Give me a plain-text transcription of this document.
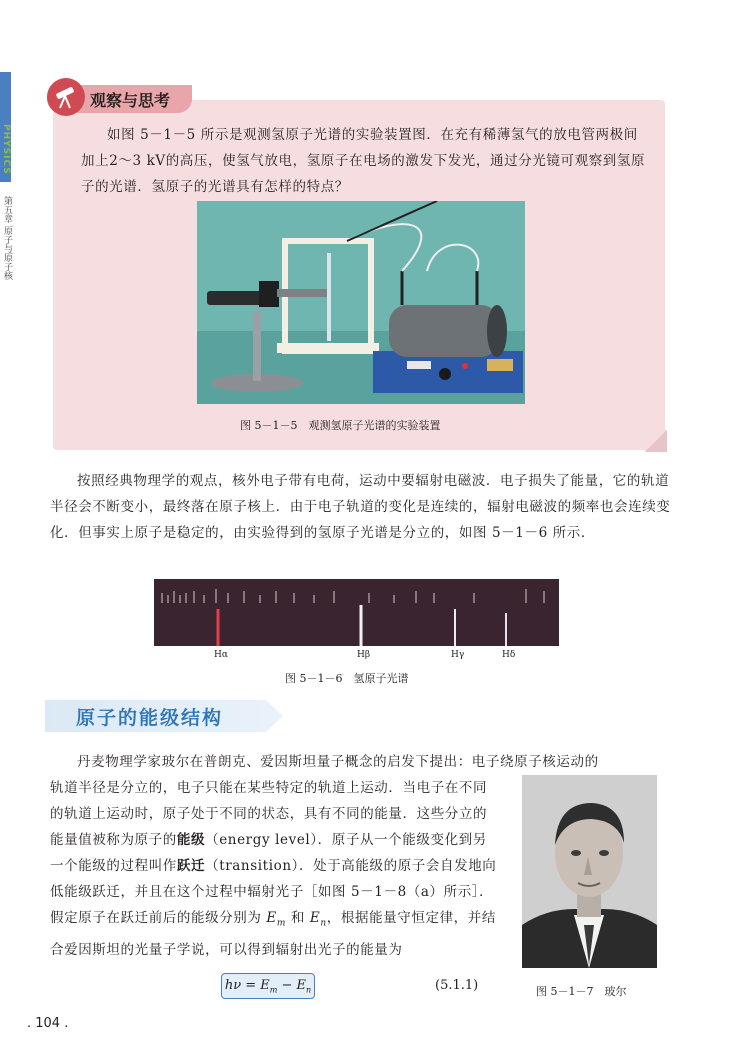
PHYSICS
第五章 原子与原子核
观察与思考

如图 5－1－5 所示是观测氢原子光谱的实验装置图．在充有稀薄氢气的放电管两极间加上2～3 kV的高压，使氢气放电，氢原子在电场的激发下发光，通过分光镜可观察到氢原子的光谱．氢原子的光谱具有怎样的特点？

图 5－1－5　观测氢原子光谱的实验装置

按照经典物理学的观点，核外电子带有电荷，运动中要辐射电磁波．电子损失了能量，它的轨道半径会不断变小，最终落在原子核上．由于电子轨道的变化是连续的，辐射电磁波的频率也会连续变化．但事实上原子是稳定的，由实验得到的氢原子光谱是分立的，如图 5－1－6 所示．

Hα	Hβ	Hγ	Hδ
图 5－1－6　氢原子光谱
原子的能级结构

丹麦物理学家玻尔在普朗克、爱因斯坦量子概念的启发下提出：电子绕原子核运动的

轨道半径是分立的，电子只能在某些特定的轨道上运动．当电子在不同的轨道上运动时，原子处于不同的状态，具有不同的能量．这些分立的能量值被称为原子的能级（energy level）．原子从一个能级变化到另一个能级的过程叫作跃迁（transition）．处于高能级的原子会自发地向低能级跃迁，并且在这个过程中辐射光子［如图 5－1－8（a）所示］．假定原子在跃迁前后的能级分别为 $E_m$ 和 $E_n$，根据能量守恒定律，并结合爱因斯坦的光量子学说，可以得到辐射出光子的能量为

图 5－1－7　玻尔
$h\nu = E_m - E_n$	(5.1.1)
. 104 .
